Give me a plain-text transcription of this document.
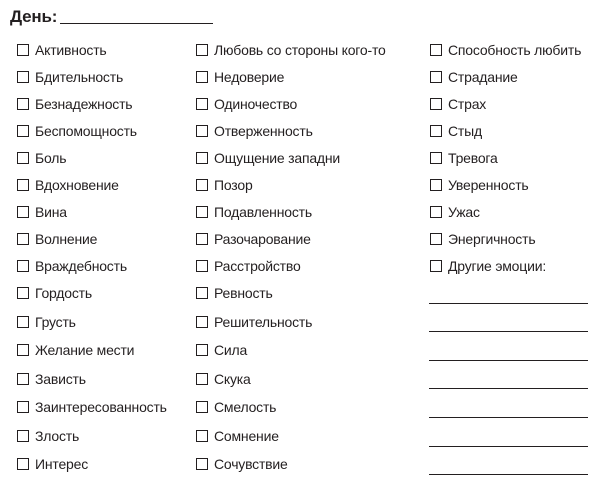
День:
Активность
Бдительность
Безнадежность
Беспомощность
Боль
Вдохновение
Вина
Волнение
Враждебность
Гордость
Грусть
Желание мести
Зависть
Заинтересованность
Злость
Интерес
Любовь со стороны кого-то
Недоверие
Одиночество
Отверженность
Ощущение западни
Позор
Подавленность
Разочарование
Расстройство
Ревность
Решительность
Сила
Скука
Смелость
Сомнение
Сочувствие
Способность любить
Страдание
Страх
Стыд
Тревога
Уверенность
Ужас
Энергичность
Другие эмоции:
